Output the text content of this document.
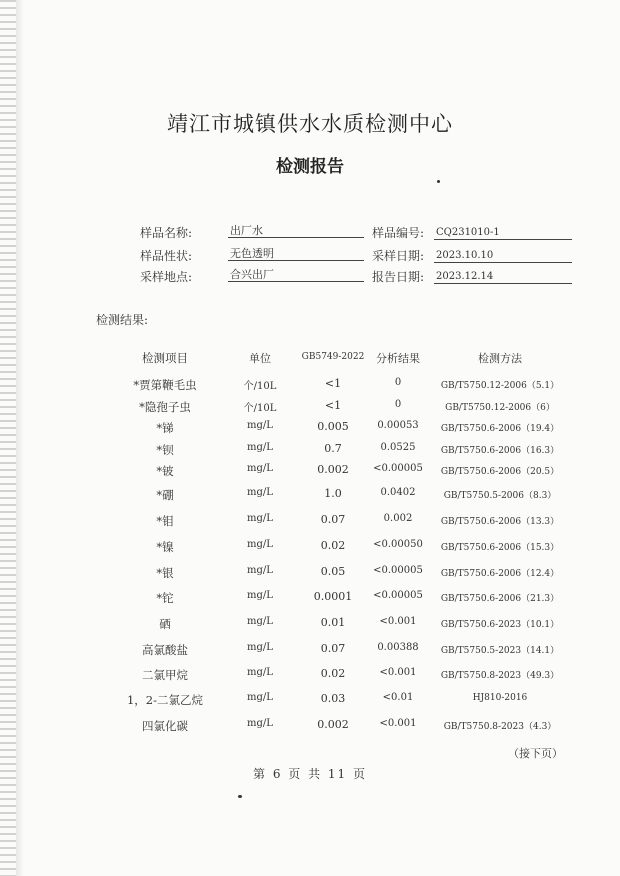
靖江市城镇供水水质检测中心
检测报告
样品名称:	出厂水	样品编号: CQ231010-1
样品性状:	无色透明	采样日期: 2023.10.10
采样地点:	合兴出厂	报告日期: 2023.12.14
检测结果:
检测项目	单位	GB5749-2022	分析结果	检测方法
*贾第鞭毛虫	个/10L	<1	0	GB/T5750.12-2006（5.1）
*隐孢子虫	个/10L	<1	0	GB/T5750.12-2006（6）
*锑	mg/L	0.005	0.00053	GB/T5750.6-2006（19.4）
*钡	mg/L	0.7	0.0525	GB/T5750.6-2006（16.3）
*铍	mg/L	0.002	<0.00005	GB/T5750.6-2006（20.5）
*硼	mg/L	1.0	0.0402	GB/T5750.5-2006（8.3）
*钼	mg/L	0.07	0.002	GB/T5750.6-2006（13.3）
*镍	mg/L	0.02	<0.00050	GB/T5750.6-2006（15.3）
*银	mg/L	0.05	<0.00005	GB/T5750.6-2006（12.4）
*铊	mg/L	0.0001	<0.00005	GB/T5750.6-2006（21.3）
硒	mg/L	0.01	<0.001	GB/T5750.6-2023（10.1）
高氯酸盐	mg/L	0.07	0.00388	GB/T5750.5-2023（14.1）
二氯甲烷	mg/L	0.02	<0.001	GB/T5750.8-2023（49.3）
1，2-二氯乙烷	mg/L	0.03	<0.01	HJ810-2016
四氯化碳	mg/L	0.002	<0.001	GB/T5750.8-2023（4.3）
（接下页）
第 6 页 共 11 页
